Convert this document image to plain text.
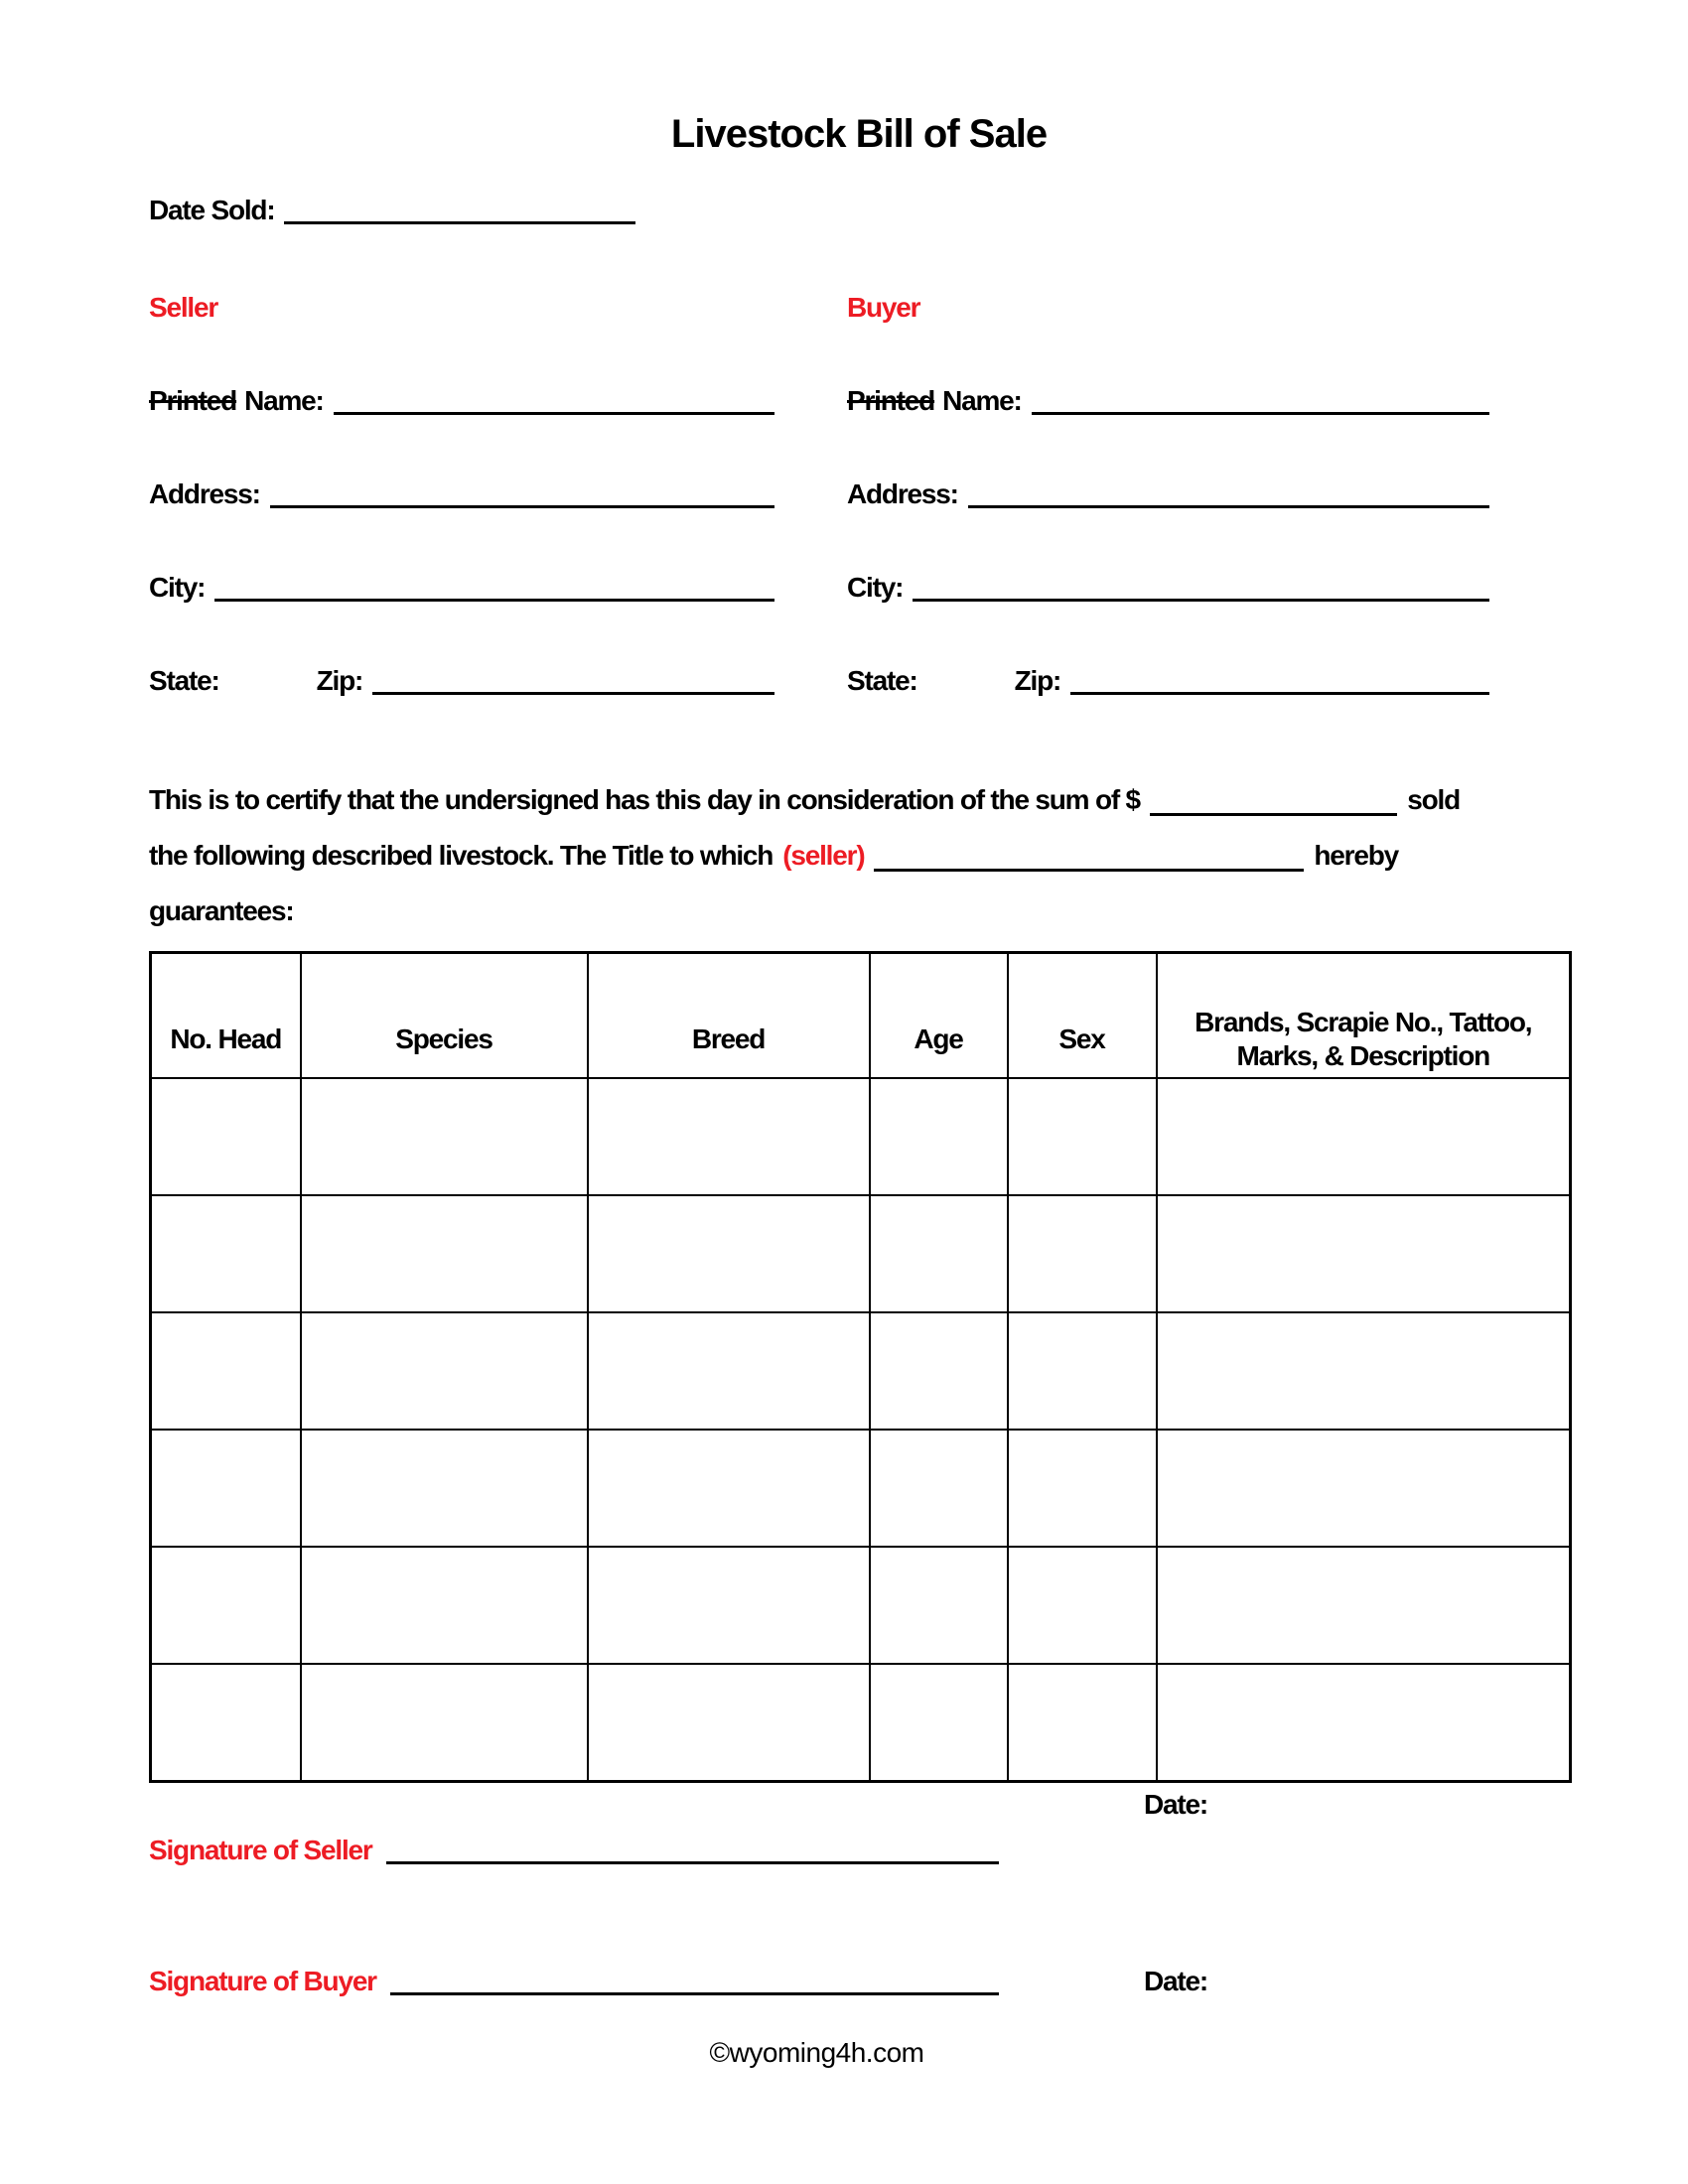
Livestock Bill of Sale
Date Sold:
Seller
Printed Name:
Address:
City:
State:	Zip:
Buyer
Printed Name:
Address:
City:
State:	Zip:
This is to certify that the undersigned has this day in consideration of the sum of $	sold
the following described livestock. The Title to which (seller)	hereby
guarantees:
No. Head	Species	Breed	Age	Sex	Brands, Scrapie No., Tattoo, Marks, & Description

Date:
Signature of Seller
Signature of Buyer	Date:
©wyoming4h.com
